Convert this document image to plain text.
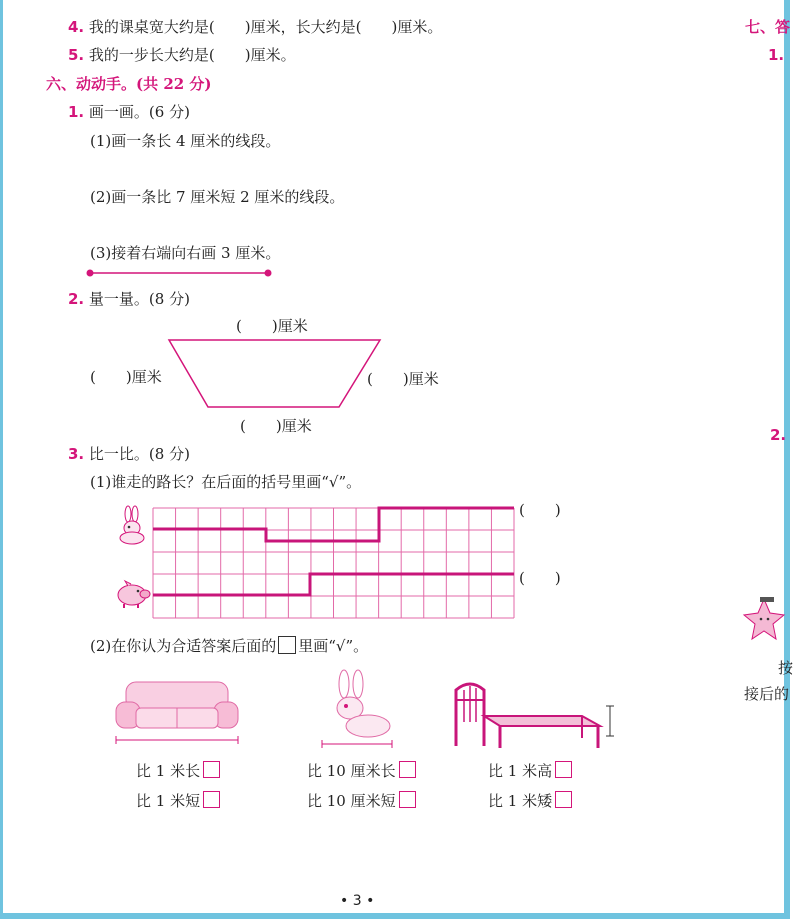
4. 我的课桌宽大约是(　　)厘米，长大约是(　　)厘米。
5. 我的一步长大约是(　　)厘米。
六、动动手。(共 22 分)
1. 画一画。(6 分)
(1)画一条长 4 厘米的线段。
(2)画一条比 7 厘米短 2 厘米的线段。
(3)接着右端向右画 3 厘米。
2. 量一量。(8 分)
(　　)厘米
(　　)厘米	(　　)厘米
(　　)厘米
3. 比一比。(8 分)
(1)谁走的路长？在后面的括号里画“√”。
(　　)
(　　)
(2)在你认为合适答案后面的 里画“√”。
比 1 米长
比 1 米短
比 10 厘米长
比 10 厘米短
比 1 米高
比 1 米矮
七、答
1.
2.
按
接后的
• 3 •
